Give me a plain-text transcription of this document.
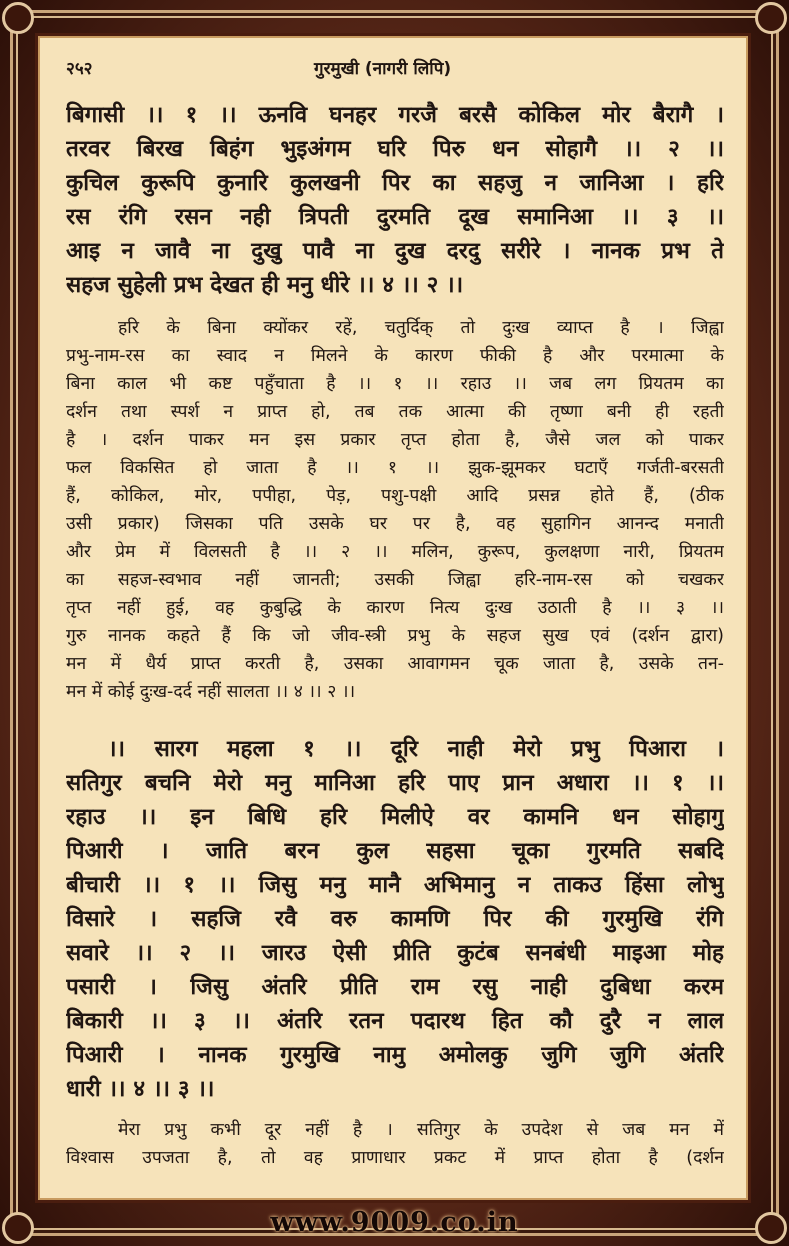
२५२	गुरमुखी (नागरी लिपि)
बिगासी ।। १ ।। ऊनवि घनहर गरजै बरसै कोकिल मोर बैरागै ।
तरवर बिरख बिहंग भुइअंगम घरि पिरु धन सोहागै ।। २ ।।
कुचिल कुरूपि कुनारि कुलखनी पिर का सहजु न जानिआ । हरि
रस रंगि रसन नही त्रिपती दुरमति दूख समानिआ ।। ३ ।।
आइ न जावै ना दुखु पावै ना दुख दरदु सरीरे । नानक प्रभ ते
सहज सुहेली प्रभ देखत ही मनु धीरे ।। ४ ।। २ ।।
हरि के बिना क्योंकर रहें, चतुर्दिक् तो दुःख व्याप्त है । जिह्वा
प्रभु-नाम-रस का स्वाद न मिलने के कारण फीकी है और परमात्मा के
बिना काल भी कष्ट पहुँचाता है ।। १ ।। रहाउ ।। जब लग प्रियतम का
दर्शन तथा स्पर्श न प्राप्त हो, तब तक आत्मा की तृष्णा बनी ही रहती
है । दर्शन पाकर मन इस प्रकार तृप्त होता है, जैसे जल को पाकर
फल विकसित हो जाता है ।। १ ।। झुक-झूमकर घटाएँ गर्जती-बरसती
हैं, कोकिल, मोर, पपीहा, पेड़, पशु-पक्षी आदि प्रसन्न होते हैं, (ठीक
उसी प्रकार) जिसका पति उसके घर पर है, वह सुहागिन आनन्द मनाती
और प्रेम में विलसती है ।। २ ।। मलिन, कुरूप, कुलक्षणा नारी, प्रियतम
का सहज-स्वभाव नहीं जानती; उसकी जिह्वा हरि-नाम-रस को चखकर
तृप्त नहीं हुई, वह कुबुद्धि के कारण नित्य दुःख उठाती है ।। ३ ।।
गुरु नानक कहते हैं कि जो जीव-स्त्री प्रभु के सहज सुख एवं (दर्शन द्वारा)
मन में धैर्य प्राप्त करती है, उसका आवागमन चूक जाता है, उसके तन-
मन में कोई दुःख-दर्द नहीं सालता ।। ४ ।। २ ।।
।। सारग महला १ ।। दूरि नाही मेरो प्रभु पिआरा ।
सतिगुर बचनि मेरो मनु मानिआ हरि पाए प्रान अधारा ।। १ ।।
रहाउ ।। इन बिधि हरि मिलीऐ वर कामनि धन सोहागु
पिआरी । जाति बरन कुल सहसा चूका गुरमति सबदि
बीचारी ।। १ ।। जिसु मनु मानै अभिमानु न ताकउ हिंसा लोभु
विसारे । सहजि रवै वरु कामणि पिर की गुरमुखि रंगि
सवारे ।। २ ।। जारउ ऐसी प्रीति कुटंब सनबंधी माइआ मोह
पसारी । जिसु अंतरि प्रीति राम रसु नाही दुबिधा करम
बिकारी ।। ३ ।। अंतरि रतन पदारथ हित कौ दुरै न लाल
पिआरी । नानक गुरमुखि नामु अमोलकु जुगि जुगि अंतरि
धारी ।। ४ ।। ३ ।।
मेरा प्रभु कभी दूर नहीं है । सतिगुर के उपदेश से जब मन में
विश्वास उपजता है, तो वह प्राणाधार प्रकट में प्राप्त होता है (दर्शन
www.9009.co.in
